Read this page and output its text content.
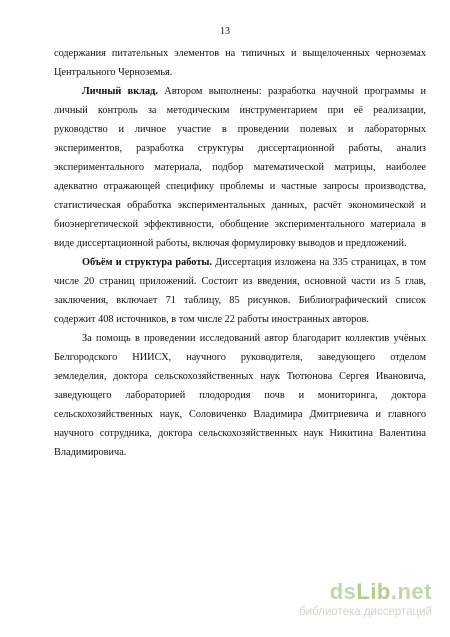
13
содержания питательных элементов на типичных и выщелоченных черноземах
Центрального Черноземья.
Личный вклад. Автором выполнены: разработка научной программы и
личный контроль за методическим инструментарием при её реализации,
руководство и личное участие в проведении полевых и лабораторных
экспериментов, разработка структуры диссертационной работы, анализ
экспериментального материала, подбор математической матрицы, наиболее
адекватно отражающей специфику проблемы и частные запросы производства,
статистическая обработка экспериментальных данных, расчёт экономической и
биоэнергетической эффективности, обобщение экспериментального материала в
виде диссертационной работы, включая формулировку выводов и предложений.
Объём и структура работы. Диссертация изложена на 335 страницах, в том
числе 20 страниц приложений. Состоит из введения, основной части из 5 глав,
заключения, включает 71 таблицу, 85 рисунков. Библиографический список
содержит 408 источников, в том числе 22 работы иностранных авторов.
За помощь в проведении исследований автор благодарит коллектив учёных
Белгородского НИИСХ, научного руководителя, заведующего отделом
земледелия, доктора сельскохозяйственных наук Тютюнова Сергея Ивановича,
заведующего лабораторией плодородия почв и мониторинга, доктора
сельскохозяйственных наук, Соловиченко Владимира Дмитриевича и главного
научного сотрудника, доктора сельскохозяйственных наук Никитина Валентина
Владимировича.
dsLib.net
библиотека диссертаций
